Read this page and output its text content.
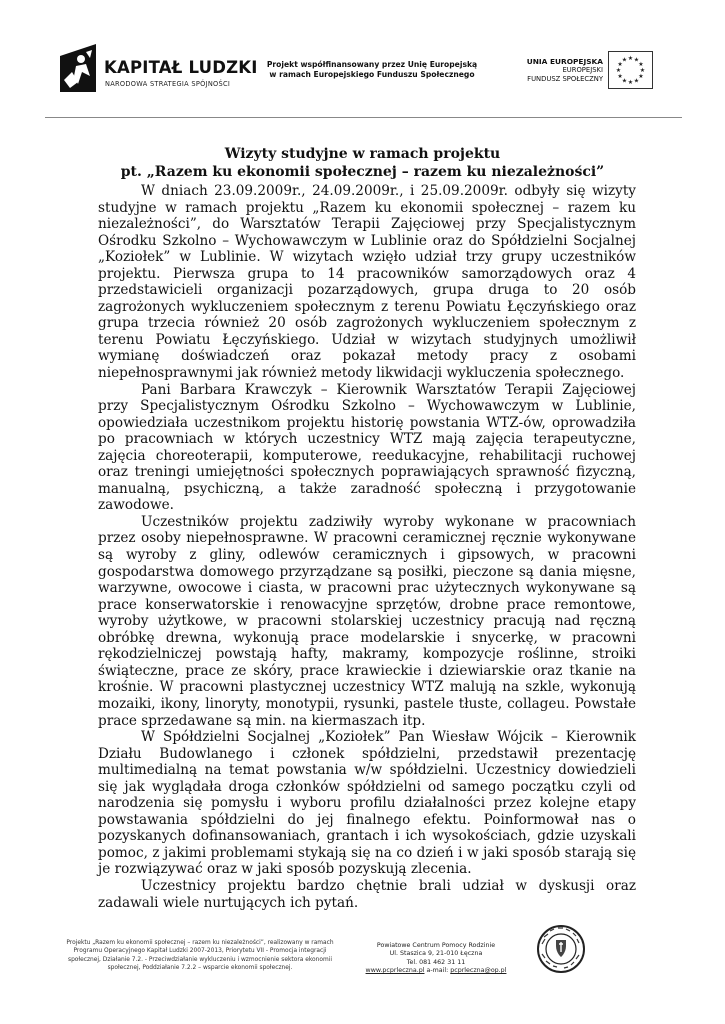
KAPITAŁ LUDZKI
NARODOWA STRATEGIA SPÓJNOŚCI
Projekt współfinansowany przez Unię Europejską
w ramach Europejskiego Funduszu Społecznego
UNIA EUROPEJSKA
EUROPEJSKI
FUNDUSZ SPOŁECZNY
★ ★
★
★
★
★
★
★
★
★
★
★
Wizyty studyjne w ramach projektu
pt. „Razem ku ekonomii społecznej – razem ku niezależności”

W dniach 23.09.2009r., 24.09.2009r., i 25.09.2009r. odbyły się wizyty studyjne w ramach projektu „Razem ku ekonomii społecznej – razem ku niezależności”, do Warsztatów Terapii Zajęciowej przy Specjalistycznym Ośrodku Szkolno – Wychowawczym w Lublinie oraz do Spółdzielni Socjalnej „Koziołek” w Lublinie. W wizytach wzięło udział trzy grupy uczestników projektu. Pierwsza grupa to 14 pracowników samorządowych oraz 4 przedstawicieli organizacji pozarządowych, grupa druga to 20 osób zagrożonych wykluczeniem społecznym z terenu Powiatu Łęczyńskiego oraz grupa trzecia również 20 osób zagrożonych wykluczeniem społecznym z terenu Powiatu Łęczyńskiego. Udział w wizytach studyjnych umożliwił wymianę doświadczeń oraz pokazał metody pracy z osobami niepełnosprawnymi jak również metody likwidacji wykluczenia społecznego.

Pani Barbara Krawczyk – Kierownik Warsztatów Terapii Zajęciowej przy Specjalistycznym Ośrodku Szkolno – Wychowawczym w Lublinie, opowiedziała uczestnikom projektu historię powstania WTZ-ów, oprowadziła po pracowniach w których uczestnicy WTZ mają zajęcia terapeutyczne, zajęcia choreoterapii, komputerowe, reedukacyjne, rehabilitacji ruchowej oraz treningi umiejętności społecznych poprawiających sprawność fizyczną, manualną, psychiczną, a także zaradność społeczną i przygotowanie zawodowe.

Uczestników projektu zadziwiły wyroby wykonane w pracowniach przez osoby niepełnosprawne. W pracowni ceramicznej ręcznie wykonywane są wyroby z gliny, odlewów ceramicznych i gipsowych, w pracowni gospodarstwa domowego przyrządzane są posiłki, pieczone są dania mięsne, warzywne, owocowe i ciasta, w pracowni prac użytecznych wykonywane są prace konserwatorskie i renowacyjne sprzętów, drobne prace remontowe, wyroby użytkowe, w pracowni stolarskiej uczestnicy pracują nad ręczną obróbkę drewna, wykonują prace modelarskie i snycerkę, w pracowni rękodzielniczej powstają hafty, makramy, kompozycje roślinne, stroiki świąteczne, prace ze skóry, prace krawieckie i dziewiarskie oraz tkanie na krośnie. W pracowni plastycznej uczestnicy WTZ malują na szkle, wykonują mozaiki, ikony, linoryty, monotypii, rysunki, pastele tłuste, collageu. Powstałe prace sprzedawane są min. na kiermaszach itp.

W Spółdzielni Socjalnej „Koziołek” Pan Wiesław Wójcik – Kierownik Działu Budowlanego i członek spółdzielni, przedstawił prezentację multimedialną na temat powstania w/w spółdzielni. Uczestnicy dowiedzieli się jak wyglądała droga członków spółdzielni od samego początku czyli od narodzenia się pomysłu i wyboru profilu działalności przez kolejne etapy powstawania spółdzielni do jej finalnego efektu. Poinformował nas o pozyskanych dofinansowaniach, grantach i ich wysokościach, gdzie uzyskali pomoc, z jakimi problemami stykają się na co dzień i w jaki sposób starają się je rozwiązywać oraz w jaki sposób pozyskują zlecenia.

Uczestnicy projektu bardzo chętnie brali udział w dyskusji oraz zadawali wiele nurtujących ich pytań.

Projektu „Razem ku ekonomii społecznej – razem ku niezależności”, realizowany w ramach
Programu Operacyjnego Kapitał Ludzki 2007-2013, Priorytetu VII - Promocja integracji
społecznej, Działanie 7.2. - Przeciwdziałanie wykluczeniu i wzmocnienie sektora ekonomii
społecznej, Poddziałanie 7.2.2 – wsparcie ekonomii społecznej.
Powiatowe Centrum Pomocy Rodzinie
Ul. Staszica 9, 21-010 Łęczna
Tel. 081 462 31 11
www.pcprleczna.pl a-mail: pcprleczna@op.pl
